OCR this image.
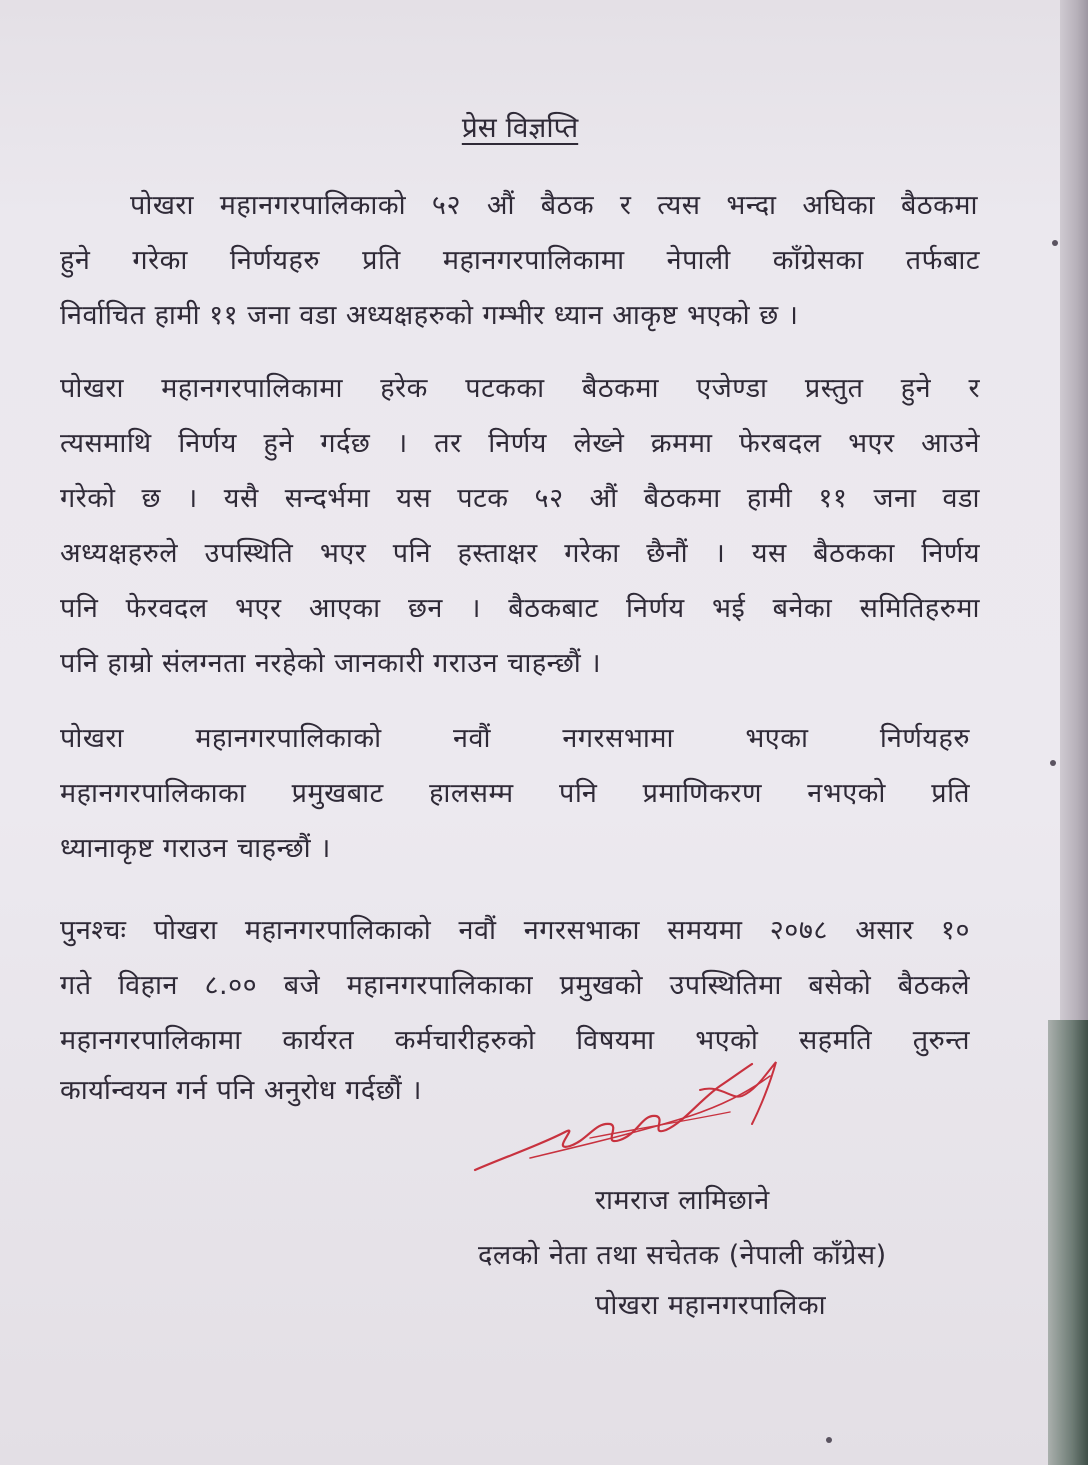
प्रेस विज्ञप्ति
पोखरा महानगरपालिकाको ५२ औं बैठक र त्यस भन्दा अघिका बैठकमा
हुने गरेका निर्णयहरु प्रति महानगरपालिकामा नेपाली काँग्रेसका तर्फबाट
निर्वाचित हामी ११ जना वडा अध्यक्षहरुको गम्भीर ध्यान आकृष्ट भएको छ ।
पोखरा महानगरपालिकामा हरेक पटकका बैठकमा एजेण्डा प्रस्तुत हुने र
त्यसमाथि निर्णय हुने गर्दछ । तर निर्णय लेख्ने क्रममा फेरबदल भएर आउने
गरेको छ । यसै सन्दर्भमा यस पटक ५२ औं बैठकमा हामी ११ जना वडा
अध्यक्षहरुले उपस्थिति भएर पनि हस्ताक्षर गरेका छैनौं । यस बैठकका निर्णय
पनि फेरवदल भएर आएका छन । बैठकबाट निर्णय भई बनेका समितिहरुमा
पनि हाम्रो संलग्नता नरहेको जानकारी गराउन चाहन्छौं ।
पोखरा महानगरपालिकाको नवौं नगरसभामा भएका निर्णयहरु
महानगरपालिकाका प्रमुखबाट हालसम्म पनि प्रमाणिकरण नभएको प्रति
ध्यानाकृष्ट गराउन चाहन्छौं ।
पुनश्चः पोखरा महानगरपालिकाको नवौं नगरसभाका समयमा २०७८ असार १०
गते विहान ८.०० बजे महानगरपालिकाका प्रमुखको उपस्थितिमा बसेको बैठकले
महानगरपालिकामा कार्यरत कर्मचारीहरुको विषयमा भएको सहमति तुरुन्त
कार्यान्वयन गर्न पनि अनुरोध गर्दछौं ।
रामराज लामिछाने
दलको नेता तथा सचेतक (नेपाली काँग्रेस)
पोखरा महानगरपालिका
